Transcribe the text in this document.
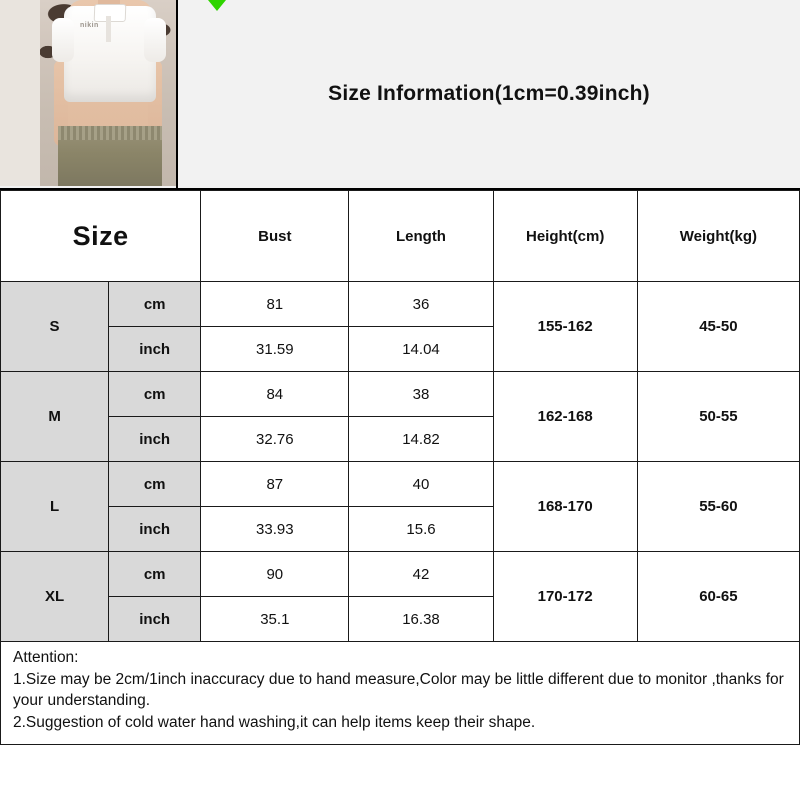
nikin
Size Information(1cm=0.39inch)
Size		Bust	Length	Height(cm)	Weight(kg)
S	cm	81	36	155-162	45-50
	inch	31.59	14.04		
M	cm	84	38	162-168	50-55
	inch	32.76	14.82		
L	cm	87	40	168-170	55-60
	inch	33.93	15.6		
XL	cm	90	42	170-172	60-65
	inch	35.1	16.38		

Attention:

1.Size may be 2cm/1inch inaccuracy due to hand measure,Color may be little different due to monitor ,thanks for your understanding.

2.Suggestion of cold water hand washing,it can help items keep their shape.
